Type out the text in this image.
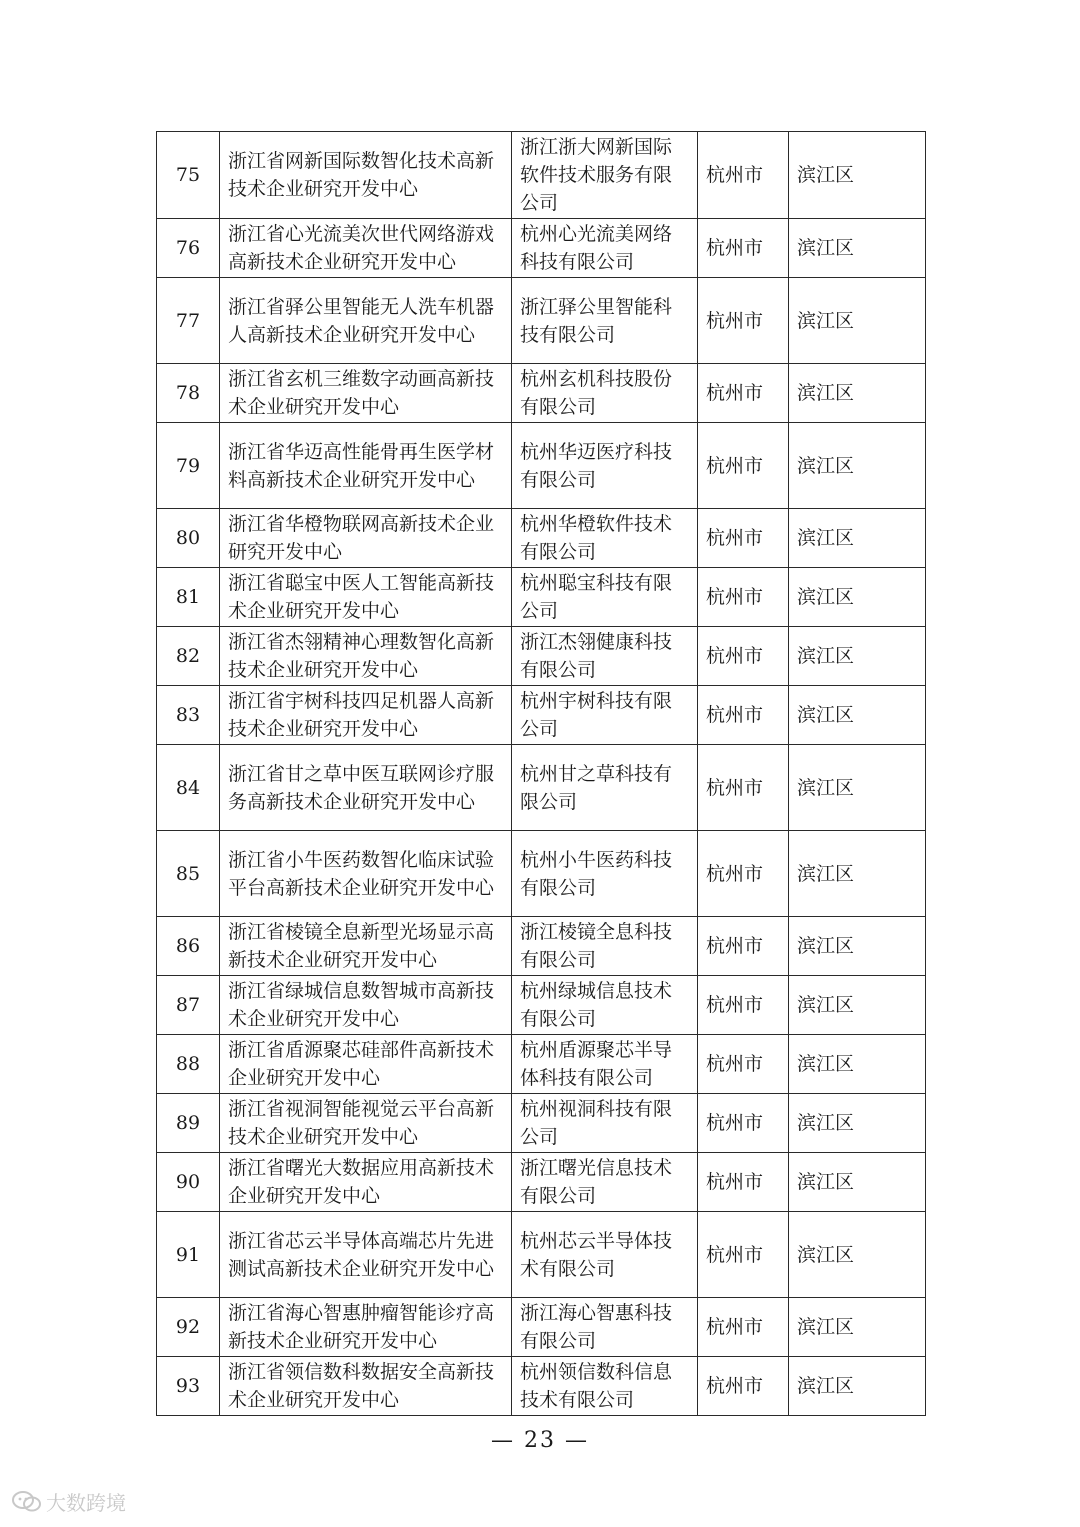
75	浙江省网新国际数智化技术高新技术企业研究开发中心	浙江浙大网新国际软件技术服务有限公司	杭州市	滨江区
76	浙江省心光流美次世代网络游戏高新技术企业研究开发中心	杭州心光流美网络科技有限公司	杭州市	滨江区
77	浙江省驿公里智能无人洗车机器人高新技术企业研究开发中心	浙江驿公里智能科技有限公司	杭州市	滨江区
78	浙江省玄机三维数字动画高新技术企业研究开发中心	杭州玄机科技股份有限公司	杭州市	滨江区
79	浙江省华迈高性能骨再生医学材料高新技术企业研究开发中心	杭州华迈医疗科技有限公司	杭州市	滨江区
80	浙江省华橙物联网高新技术企业研究开发中心	杭州华橙软件技术有限公司	杭州市	滨江区
81	浙江省聪宝中医人工智能高新技术企业研究开发中心	杭州聪宝科技有限公司	杭州市	滨江区
82	浙江省杰翎精神心理数智化高新技术企业研究开发中心	浙江杰翎健康科技有限公司	杭州市	滨江区
83	浙江省宇树科技四足机器人高新技术企业研究开发中心	杭州宇树科技有限公司	杭州市	滨江区
84	浙江省甘之草中医互联网诊疗服务高新技术企业研究开发中心	杭州甘之草科技有限公司	杭州市	滨江区
85	浙江省小牛医药数智化临床试验平台高新技术企业研究开发中心	杭州小牛医药科技有限公司	杭州市	滨江区
86	浙江省棱镜全息新型光场显示高新技术企业研究开发中心	浙江棱镜全息科技有限公司	杭州市	滨江区
87	浙江省绿城信息数智城市高新技术企业研究开发中心	杭州绿城信息技术有限公司	杭州市	滨江区
88	浙江省盾源聚芯硅部件高新技术企业研究开发中心	杭州盾源聚芯半导体科技有限公司	杭州市	滨江区
89	浙江省视洞智能视觉云平台高新技术企业研究开发中心	杭州视洞科技有限公司	杭州市	滨江区
90	浙江省曙光大数据应用高新技术企业研究开发中心	浙江曙光信息技术有限公司	杭州市	滨江区
91	浙江省芯云半导体高端芯片先进测试高新技术企业研究开发中心	杭州芯云半导体技术有限公司	杭州市	滨江区
92	浙江省海心智惠肿瘤智能诊疗高新技术企业研究开发中心	浙江海心智惠科技有限公司	杭州市	滨江区
93	浙江省领信数科数据安全高新技术企业研究开发中心	杭州领信数科信息技术有限公司	杭州市	滨江区
— 23 —
大数跨境
